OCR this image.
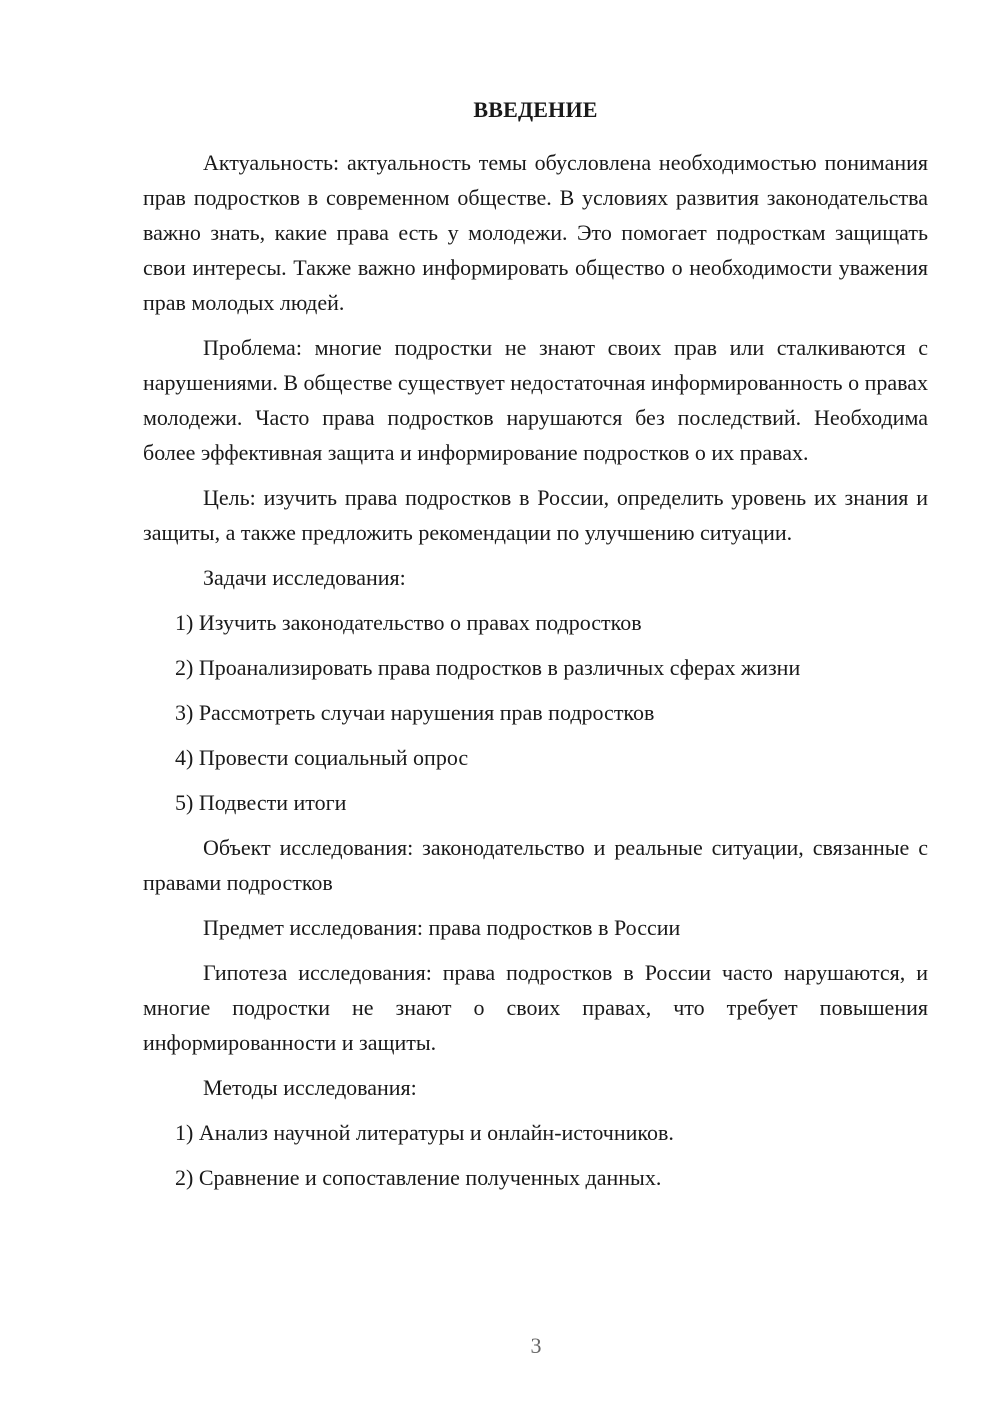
ВВЕДЕНИЕ

Актуальность: актуальность темы обусловлена необходимостью понимания прав подростков в современном обществе. В условиях развития законодательства важно знать, какие права есть у молодежи. Это помогает подросткам защищать свои интересы. Также важно информировать общество о необходимости уважения прав молодых людей.

Проблема: многие подростки не знают своих прав или сталкиваются с нарушениями. В обществе существует недостаточная информированность о правах молодежи. Часто права подростков нарушаются без последствий. Необходима более эффективная защита и информирование подростков о их правах.

Цель: изучить права подростков в России, определить уровень их знания и защиты, а также предложить рекомендации по улучшению ситуации.

Задачи исследования:

1) Изучить законодательство о правах подростков
2) Проанализировать права подростков в различных сферах жизни
3) Рассмотреть случаи нарушения прав подростков
4) Провести социальный опрос
5) Подвести итоги

Объект исследования: законодательство и реальные ситуации, связанные с правами подростков

Предмет исследования: права подростков в России

Гипотеза исследования: права подростков в России часто нарушаются, и многие подростки не знают о своих правах, что требует повышения информированности и защиты.

Методы исследования:

1) Анализ научной литературы и онлайн-источников.
2) Сравнение и сопоставление полученных данных.
3
